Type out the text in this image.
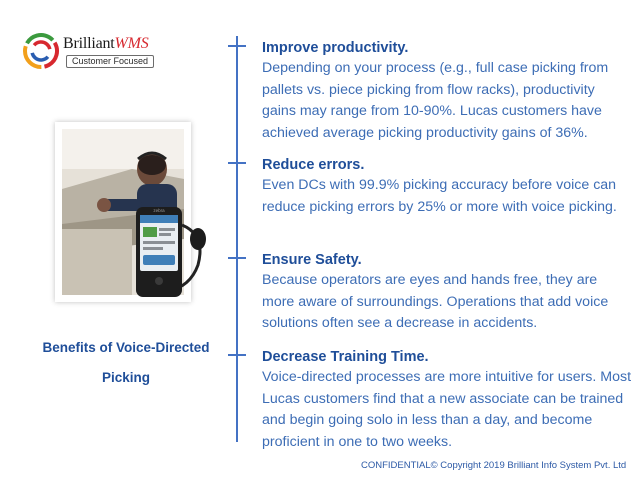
BrilliantWMS
Customer Focused
zebra
Benefits of Voice-Directed
Picking
Improve productivity.

Depending on your process (e.g., full case picking from pallets vs. piece picking from flow racks), productivity gains may range from 10-90%. Lucas customers have achieved average picking productivity gains of 36%.

Reduce errors.

Even DCs with 99.9% picking accuracy before voice can reduce picking errors by 25% or more with voice picking.

Ensure Safety.

Because operators are eyes and hands free, they are more aware of surroundings. Operations that add voice solutions often see a decrease in accidents.

Decrease Training Time.

Voice-directed processes are more intuitive for users. Most Lucas customers find that a new associate can be trained and begin going solo in less than a day, and become proficient in one to two weeks.

CONFIDENTIAL© Copyright 2019 Brilliant Info System Pvt. Ltd
